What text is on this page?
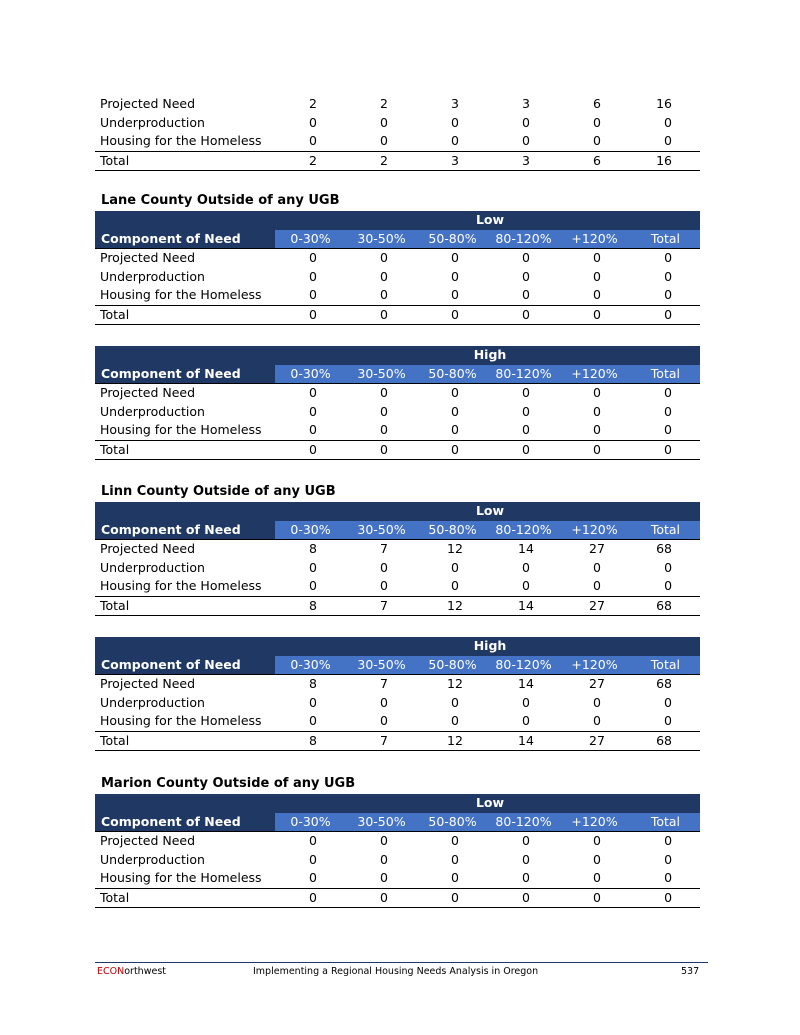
Projected Need	2	2	3	3	6	16
Underproduction	0	0	0	0	0	0
Housing for the Homeless	0	0	0	0	0	0
Total	2	2	3	3	6	16
Lane County Outside of any UGB
	Low					
Component of Need	0-30%	30-50%	50-80%	80-120%	+120%	Total
Projected Need	0	0	0	0	0	0
Underproduction	0	0	0	0	0	0
Housing for the Homeless	0	0	0	0	0	0
Total	0	0	0	0	0	0
	High					
Component of Need	0-30%	30-50%	50-80%	80-120%	+120%	Total
Projected Need	0	0	0	0	0	0
Underproduction	0	0	0	0	0	0
Housing for the Homeless	0	0	0	0	0	0
Total	0	0	0	0	0	0
Linn County Outside of any UGB
	Low					
Component of Need	0-30%	30-50%	50-80%	80-120%	+120%	Total
Projected Need	8	7	12	14	27	68
Underproduction	0	0	0	0	0	0
Housing for the Homeless	0	0	0	0	0	0
Total	8	7	12	14	27	68
	High					
Component of Need	0-30%	30-50%	50-80%	80-120%	+120%	Total
Projected Need	8	7	12	14	27	68
Underproduction	0	0	0	0	0	0
Housing for the Homeless	0	0	0	0	0	0
Total	8	7	12	14	27	68
Marion County Outside of any UGB
	Low					
Component of Need	0-30%	30-50%	50-80%	80-120%	+120%	Total
Projected Need	0	0	0	0	0	0
Underproduction	0	0	0	0	0	0
Housing for the Homeless	0	0	0	0	0	0
Total	0	0	0	0	0	0
ECONorthwest	Implementing a Regional Housing Needs Analysis in Oregon	537
